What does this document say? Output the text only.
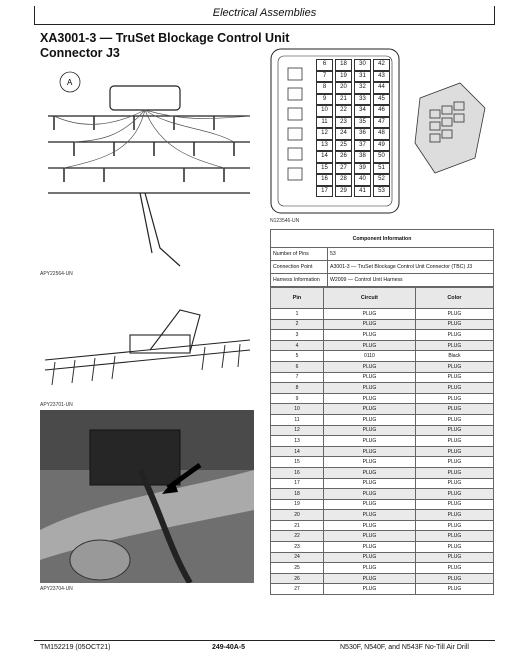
Electrical Assemblies
XA3001-3 — TruSet Blockage Control Unit
Connector J3
A
APY22564-UN
APY23701-UN
APY23704-UN
6
7
8
9
10
11
12
13
14
15
16
17
18
19
20
21
22
23
24
25
26
27
28
29
30
31
32
33
34
35
36
37
38
39
40
41
42
43
44
45
46
47
48
49
50
51
52
53
N123546-UN
Component Information	
Number of Pins	53
Connection Point	A3001-3 — TruSet Blockage Control Unit Connector (TBC) J3
Harness Information	W2009 — Control Unit Harness
Pin	Circuit	Color
1	PLUG	PLUG
2	PLUG	PLUG
3	PLUG	PLUG
4	PLUG	PLUG
5	0110	Black
6	PLUG	PLUG
7	PLUG	PLUG
8	PLUG	PLUG
9	PLUG	PLUG
10	PLUG	PLUG
11	PLUG	PLUG
12	PLUG	PLUG
13	PLUG	PLUG
14	PLUG	PLUG
15	PLUG	PLUG
16	PLUG	PLUG
17	PLUG	PLUG
18	PLUG	PLUG
19	PLUG	PLUG
20	PLUG	PLUG
21	PLUG	PLUG
22	PLUG	PLUG
23	PLUG	PLUG
24	PLUG	PLUG
25	PLUG	PLUG
26	PLUG	PLUG
27	PLUG	PLUG
TM152219 (05OCT21)	249-40A-5	N530F, N540F, and N543F No-Till Air Drill
